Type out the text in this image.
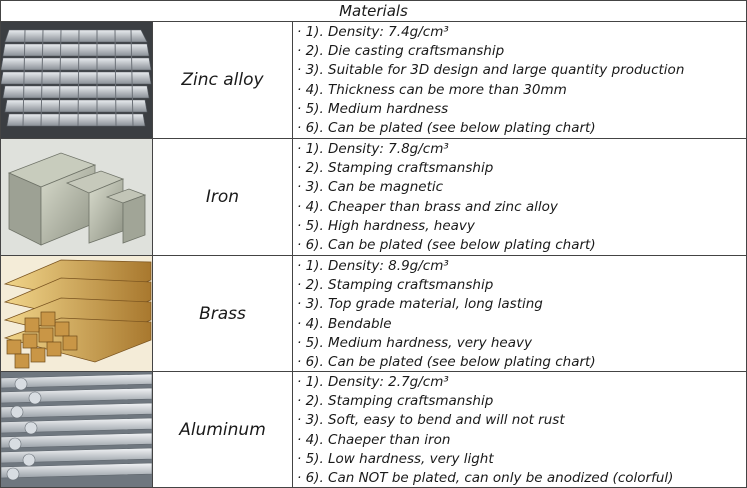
Materials
Zinc alloy
· 1). Density: 7.4g/cm³
· 2). Die casting craftsmanship
· 3). Suitable for 3D design and large quantity production
· 4). Thickness can be more than 30mm
· 5). Medium hardness
· 6). Can be plated (see below plating chart)
Iron
· 1). Density: 7.8g/cm³
· 2). Stamping craftsmanship
· 3). Can be magnetic
· 4). Cheaper than brass and zinc alloy
· 5). High hardness, heavy
· 6). Can be plated (see below plating chart)
Brass
· 1). Density: 8.9g/cm³
· 2). Stamping craftsmanship
· 3). Top grade material, long lasting
· 4). Bendable
· 5). Medium hardness, very heavy
· 6). Can be plated (see below plating chart)
Aluminum
· 1). Density: 2.7g/cm³
· 2). Stamping craftsmanship
· 3). Soft, easy to bend and will not rust
· 4). Chaeper than iron
· 5). Low hardness, very light
· 6). Can NOT be plated, can only be anodized (colorful)
